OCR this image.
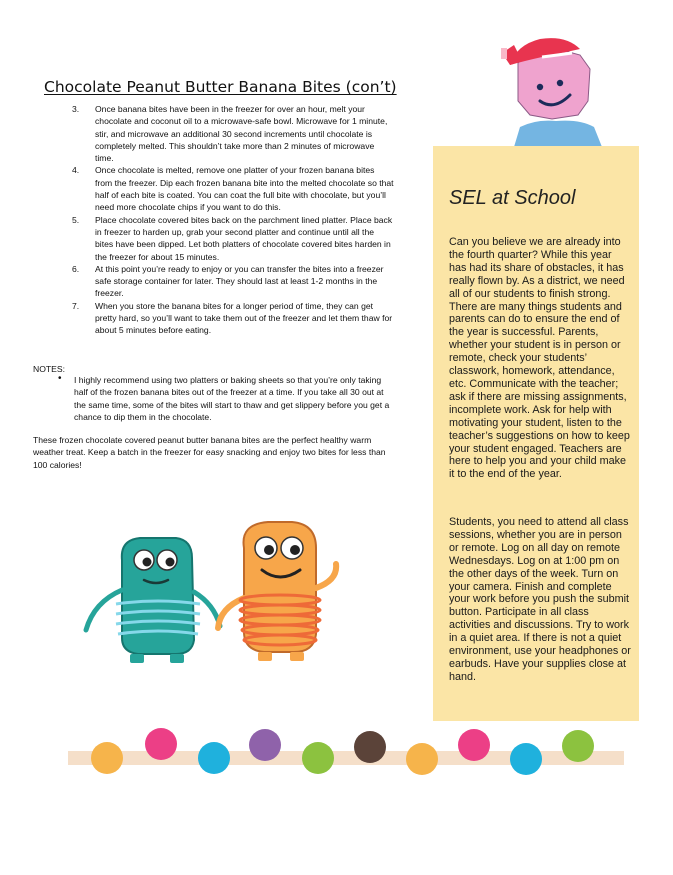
Chocolate Peanut Butter Banana Bites (con’t)
3. Once banana bites have been in the freezer for over an hour, melt your chocolate and coconut oil to a microwave-safe bowl. Microwave for 1 minute, stir, and microwave an additional 30 second increments until chocolate is completely melted. This shouldn’t take more than 2 minutes of microwave time.
4. Once chocolate is melted, remove one platter of your frozen banana bites from the freezer. Dip each frozen banana bite into the melted chocolate so that half of each bite is coated. You can coat the full bite with chocolate, but you’ll need more chocolate chips if you want to do this.
5. Place chocolate covered bites back on the parchment lined platter. Place back in freezer to harden up, grab your second platter and continue until all the bites have been dipped. Let both platters of chocolate covered bites harden in the freezer for about 15 minutes.
6. At this point you’re ready to enjoy or you can transfer the bites into a freezer safe storage container for later. They should last at least 1-2 months in the freezer.
7. When you store the banana bites for a longer period of time, they can get pretty hard, so you’ll want to take them out of the freezer and let them thaw for about 5 minutes before eating.
NOTES:
• I highly recommend using two platters or baking sheets so that you’re only taking half of the frozen banana bites out of the freezer at a time. If you take all 30 out at the same time, some of the bites will start to thaw and get slippery before you get a chance to dip them in the chocolate.

These frozen chocolate covered peanut butter banana bites are the perfect healthy warm weather treat. Keep a batch in the freezer for easy snacking and enjoy two bites for less than 100 calories!

SEL at School

Can you believe we are already into the fourth quarter? While this year has had its share of obstacles, it has really flown by. As a district, we need all of our students to finish strong. There are many things students and parents can do to ensure the end of the year is successful. Parents, whether your student is in person or remote, check your students’ classwork, homework, attendance, etc. Communicate with the teacher; ask if there are missing assignments, incomplete work. Ask for help with motivating your student, listen to the teacher’s suggestions on how to keep your student engaged. Teachers are here to help you and your child make it to the end of the year.

Students, you need to attend all class sessions, whether you are in person or remote. Log on all day on remote Wednesdays. Log on at 1:00 pm on the other days of the week. Turn on your camera. Finish and complete your work before you push the submit button. Participate in all class activities and discussions. Try to work in a quiet area. If there is not a quiet environment, use your headphones or earbuds. Have your supplies close at hand.
